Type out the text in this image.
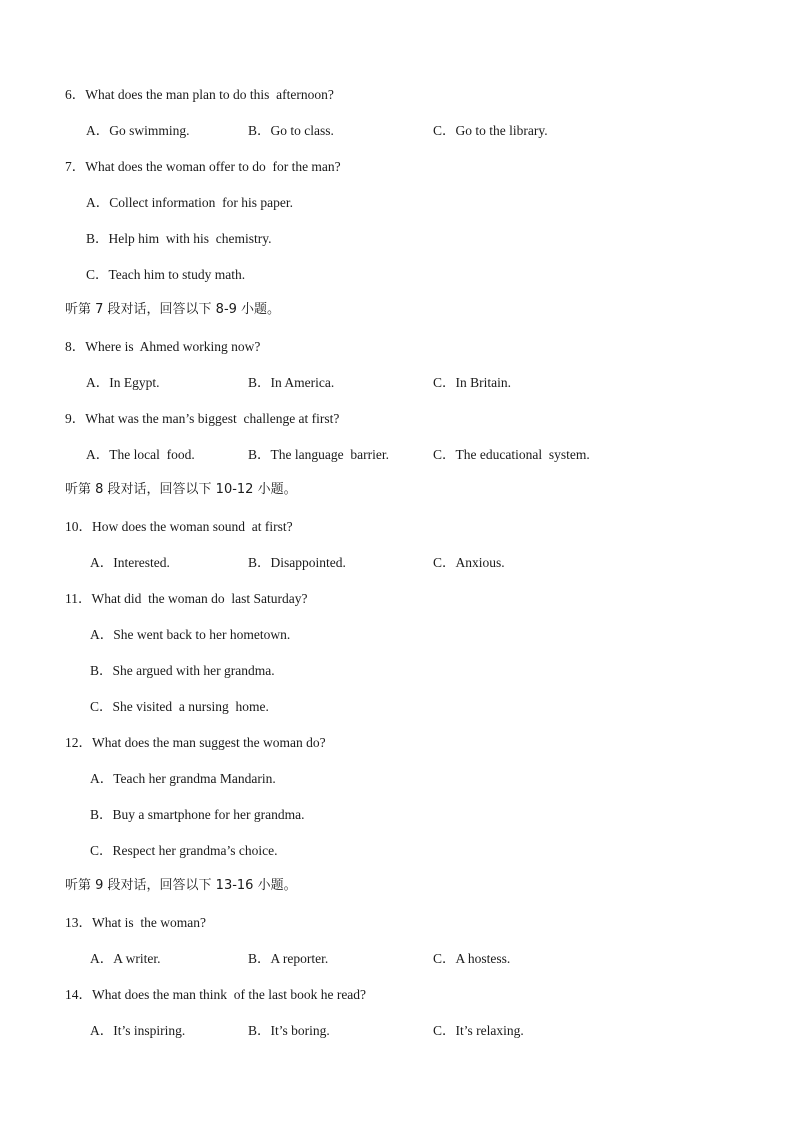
6．What does the man plan to do this  afternoon?
A．Go swimming.	B．Go to class.	C．Go to the library.
7．What does the woman offer to do  for the man?
A．Collect information  for his paper.
B．Help him  with his  chemistry.
C．Teach him to study math.
听第 7 段对话，回答以下 8-9 小题。
8．Where is  Ahmed working now?
A．In Egypt.	B．In America.	C．In Britain.
9．What was the man’s biggest  challenge at first?
A．The local  food.	B．The language  barrier.	C．The educational  system.
听第 8 段对话，回答以下 10-12 小题。
10．How does the woman sound  at first?
A．Interested.	B．Disappointed.	C．Anxious.
11．What did  the woman do  last Saturday?
A．She went back to her hometown.
B．She argued with her grandma.
C．She visited  a nursing  home.
12．What does the man suggest the woman do?
A．Teach her grandma Mandarin.
B．Buy a smartphone for her grandma.
C．Respect her grandma’s choice.
听第 9 段对话，回答以下 13-16 小题。
13．What is  the woman?
A．A writer.	B．A reporter.	C．A hostess.
14．What does the man think  of the last book he read?
A．It’s inspiring.	B．It’s boring.	C．It’s relaxing.
